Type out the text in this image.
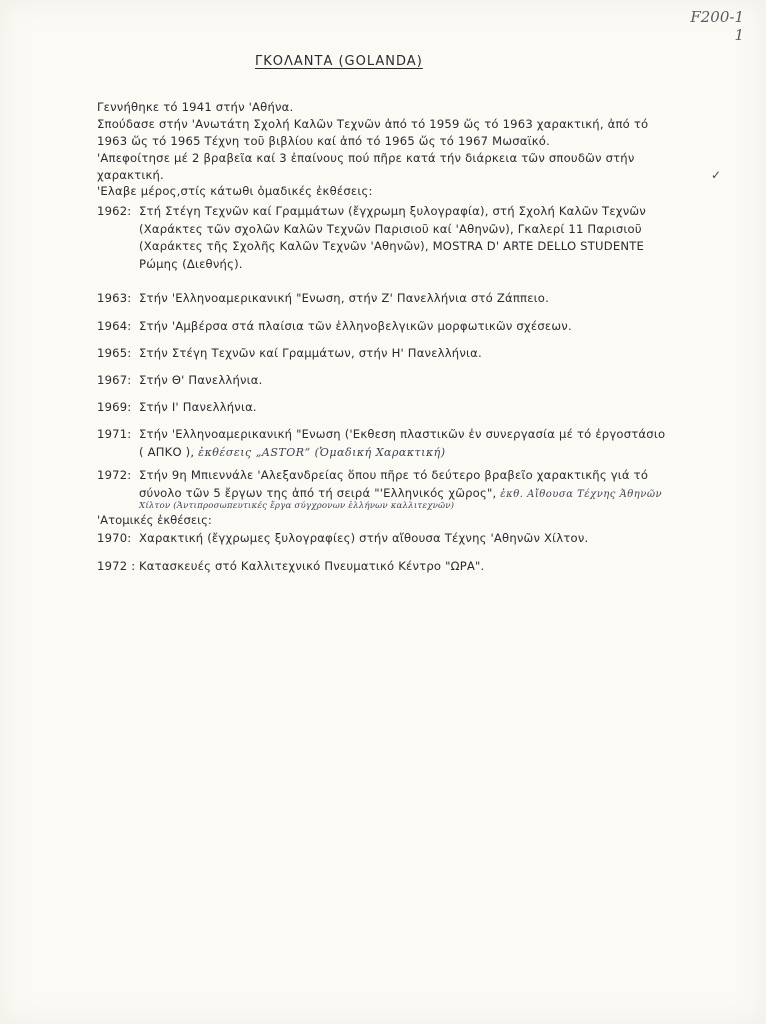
F200-1
1
ΓΚΟΛΑΝΤΑ (GOLANDA)

Γεννήθηκε τό 1941 στήν 'Αθήνα.

Σπούδασε στήν 'Ανωτάτη Σχολή Καλῶν Τεχνῶν ἀπό τό 1959 ὥς τό 1963 χαρακτική, ἀπό τό

1963 ὥς τό 1965 Τέχνη τοῦ βιβλίου καί ἀπό τό 1965 ὥς τό 1967 Μωσαϊκό.

'Απεφοίτησε μέ 2 βραβεῖα καί 3 ἐπαίνους πού πῆρε κατά τήν διάρκεια τῶν σπουδῶν στήν

χαρακτική.	✓
'Ελαβε μέρος,στίς κάτωθι ὁμαδικές ἐκθέσεις:
1962: Στή Στέγη Τεχνῶν καί Γραμμάτων (ἔγχρωμη ξυλογραφία), στή Σχολή Καλῶν Τεχνῶν
(Χαράκτες τῶν σχολῶν Καλῶν Τεχνῶν Παρισιοῦ καί 'Αθηνῶν), Γκαλερί 11 Παρισιοῦ
(Χαράκτες τῆς Σχολῆς Καλῶν Τεχνῶν 'Αθηνῶν), MOSTRA D' ARTE DELLO STUDENTE
Ρώμης (Διεθνής).
1963: Στήν 'Ελληνοαμερικανική "Ενωση, στήν Ζ' Πανελλήνια στό Ζάππειο.
1964: Στήν 'Αμβέρσα στά πλαίσια τῶν ἑλληνοβελγικῶν μορφωτικῶν σχέσεων.
1965: Στήν Στέγη Τεχνῶν καί Γραμμάτων, στήν Η' Πανελλήνια.
1967: Στήν Θ' Πανελλήνια.
1969: Στήν Ι' Πανελλήνια.
1971: Στήν 'Ελληνοαμερικανική "Ενωση ('Εκθεση πλαστικῶν ἐν συνεργασία μέ τό ἐργοστάσιο
( ΑΠΚΟ ), ἐκθέσεις „ASTOR“ (Ὁμαδική Χαρακτική)
1972: Στήν 9η Μπιεννάλε 'Αλεξανδρείας ὅπου πῆρε τό δεύτερο βραβεῖο χαρακτικῆς γιά τό
σύνολο τῶν 5 ἔργων της ἀπό τή σειρά "'Ελληνικός χῶρος", ἐκθ. Αἴθουσα Τέχνης Ἀθηνῶν
Χίλτον (Ἀντιπροσωπευτικές ἔργα σύγχρονων ἑλλήνων καλλιτεχνῶν)
'Ατομικές ἐκθέσεις:
1970: Χαρακτική (ἔγχρωμες ξυλογραφίες) στήν αἴθουσα Τέχνης 'Αθηνῶν Χίλτον.
1972 : Κατασκευές στό Καλλιτεχνικό Πνευματικό Κέντρο "ΩΡΑ".
